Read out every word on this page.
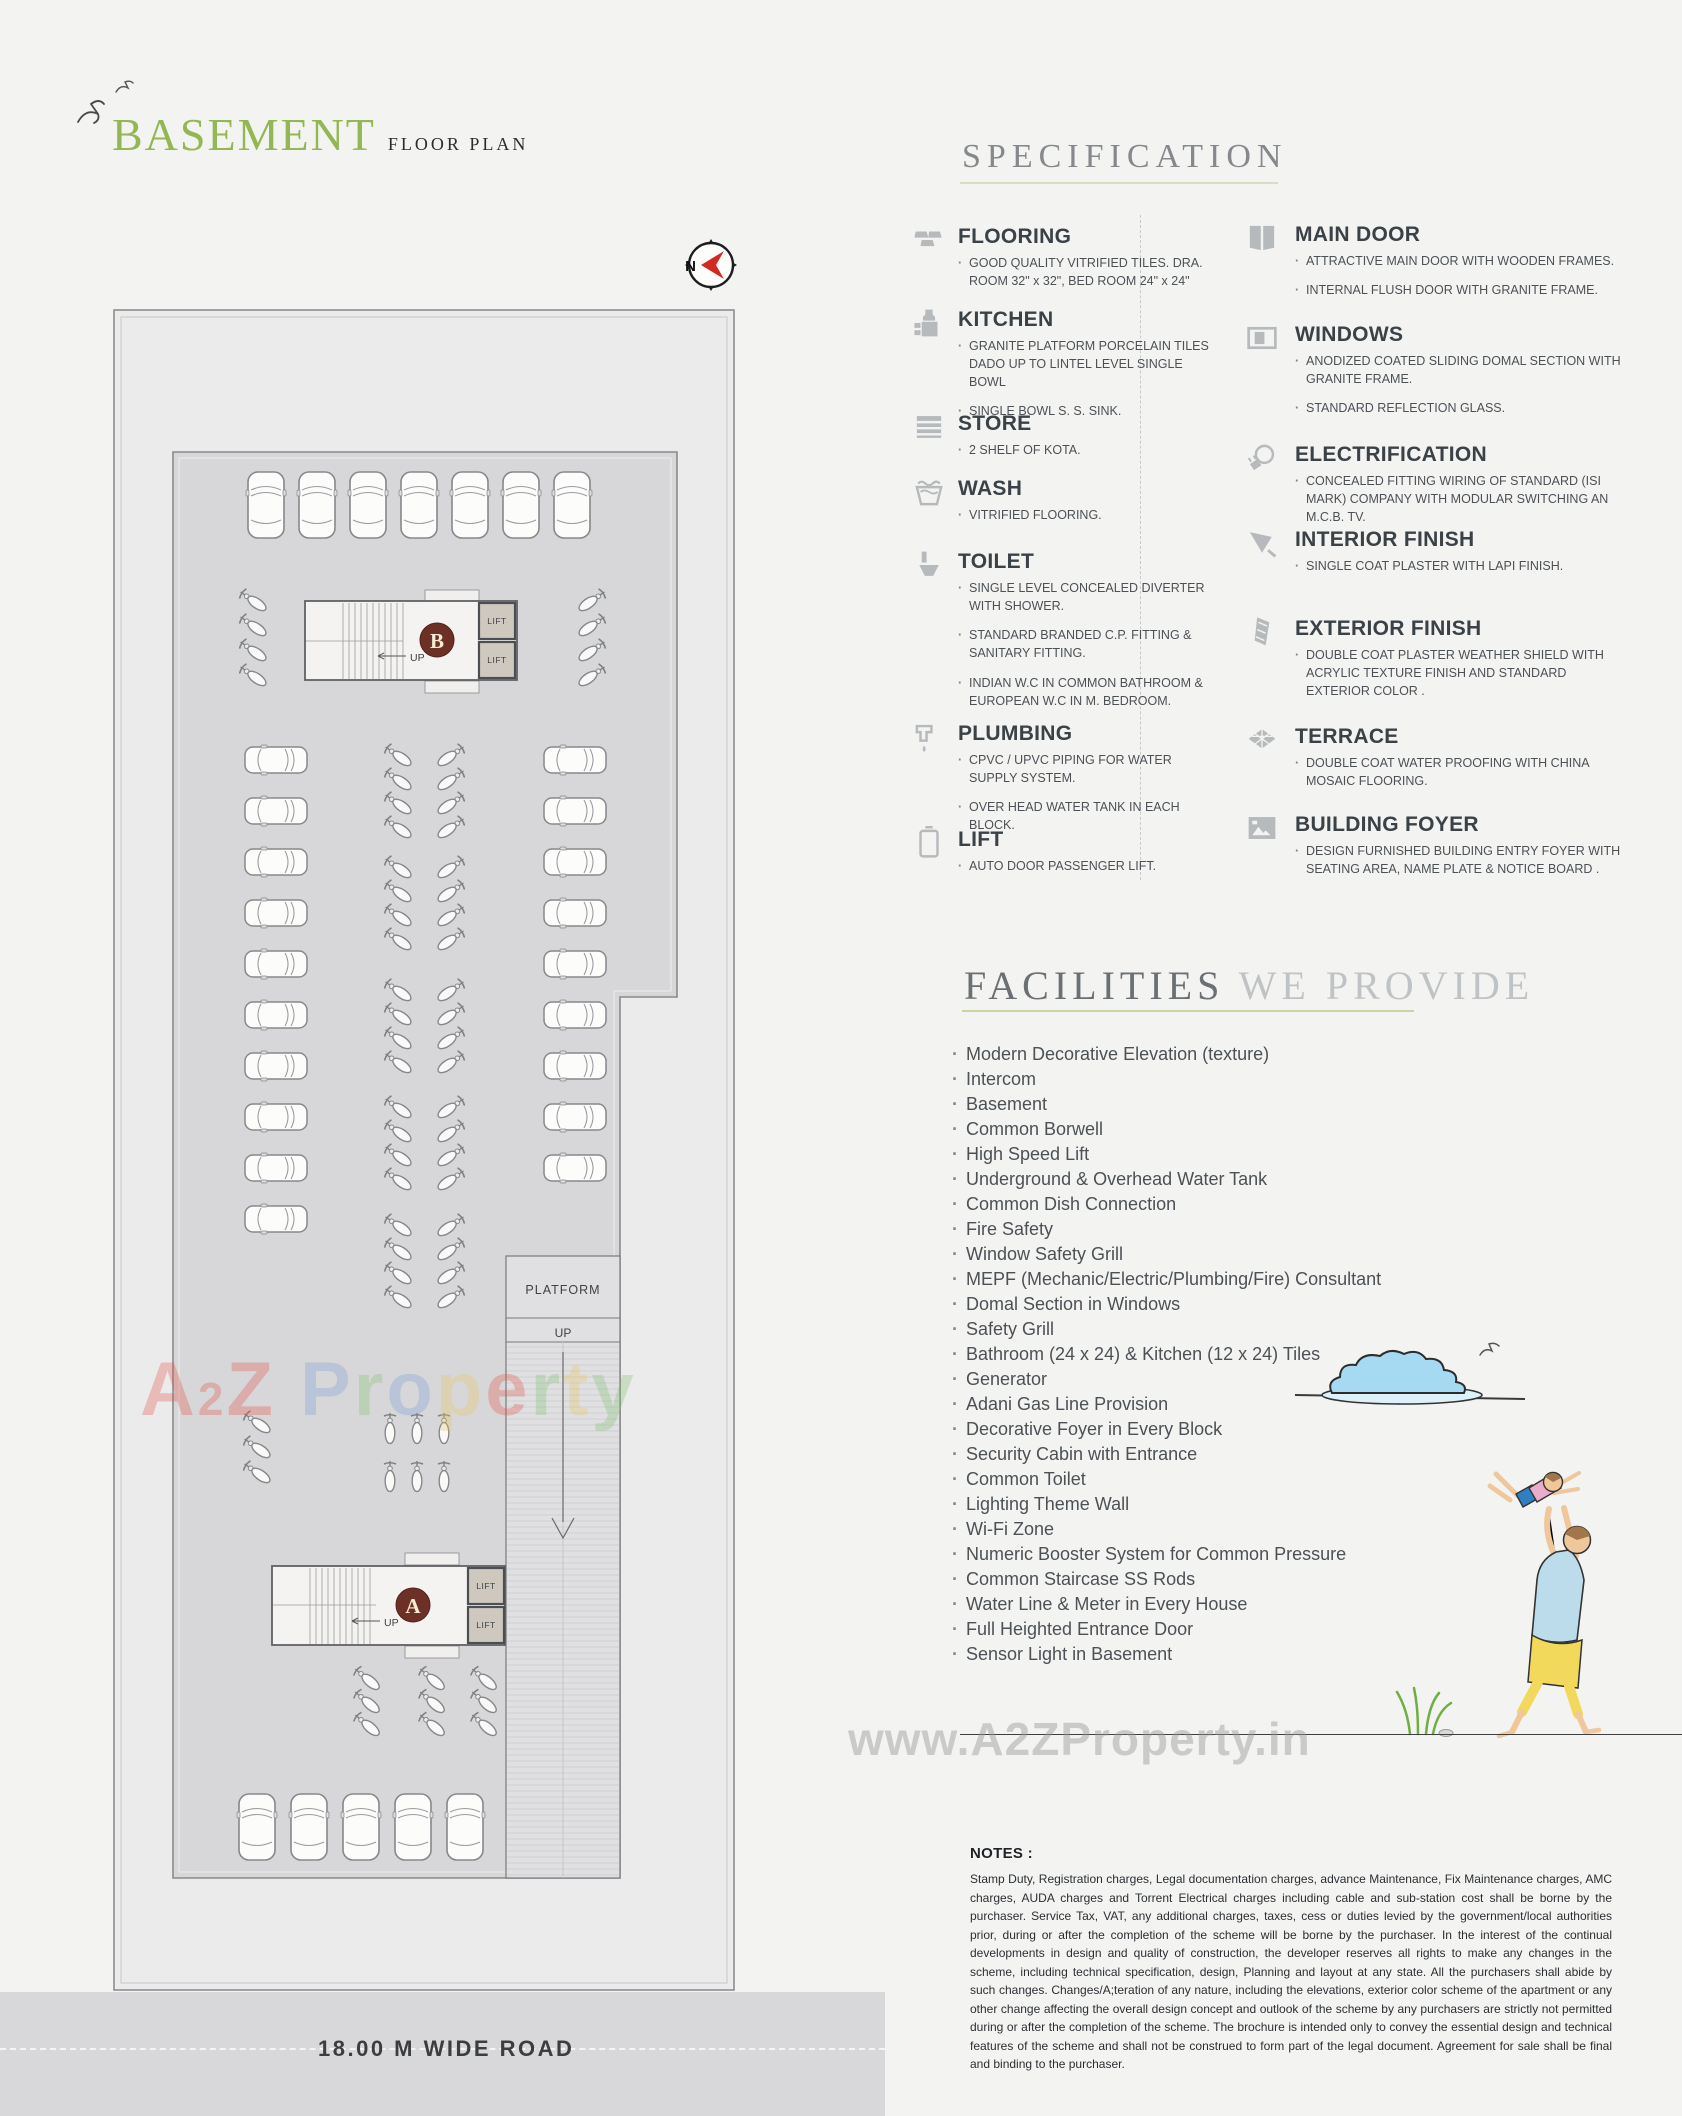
BASEMENT FLOOR PLAN
PLATFORM
UP
UP
B
LIFT
LIFT
UP
A
LIFT
LIFT
N
A2Z Property
18.00 M WIDE ROAD
SPECIFICATION
FLOORING

· GOOD QUALITY VITRIFIED TILES. DRA. ROOM 32" x 32", BED ROOM 24" x 24"

KITCHEN

· GRANITE PLATFORM PORCELAIN TILES DADO UP TO LINTEL LEVEL SINGLE BOWL

· SINGLE BOWL S. S. SINK.

STORE

· 2 SHELF OF KOTA.

WASH

· VITRIFIED FLOORING.

TOILET

· SINGLE LEVEL CONCEALED DIVERTER WITH SHOWER.

· STANDARD BRANDED C.P. FITTING & SANITARY FITTING.

· INDIAN W.C IN COMMON BATHROOM & EUROPEAN W.C IN M. BEDROOM.

PLUMBING

· CPVC / UPVC PIPING FOR WATER SUPPLY SYSTEM.

· OVER HEAD WATER TANK IN EACH BLOCK.

LIFT

· AUTO DOOR PASSENGER LIFT.

MAIN DOOR

· ATTRACTIVE MAIN DOOR WITH WOODEN FRAMES.

· INTERNAL FLUSH DOOR WITH GRANITE FRAME.

WINDOWS

· ANODIZED COATED SLIDING DOMAL SECTION WITH GRANITE FRAME.

· STANDARD REFLECTION GLASS.

ELECTRIFICATION

· CONCEALED FITTING WIRING OF STANDARD (ISI MARK) COMPANY WITH MODULAR SWITCHING AN M.C.B. TV.

INTERIOR FINISH

· SINGLE COAT PLASTER WITH LAPI FINISH.

EXTERIOR FINISH

· DOUBLE COAT PLASTER WEATHER SHIELD WITH ACRYLIC TEXTURE FINISH AND STANDARD EXTERIOR COLOR .

TERRACE

· DOUBLE COAT WATER PROOFING WITH CHINA MOSAIC FLOORING.

BUILDING FOYER

· DESIGN FURNISHED BUILDING ENTRY FOYER WITH SEATING AREA, NAME PLATE & NOTICE BOARD .

FACILITIES WE PROVIDE
· Modern Decorative Elevation (texture)
· Intercom
· Basement
· Common Borwell
· High Speed Lift
· Underground & Overhead Water Tank
· Common Dish Connection
· Fire Safety
· Window Safety Grill
· MEPF (Mechanic/Electric/Plumbing/Fire) Consultant
· Domal Section in Windows
· Safety Grill
· Bathroom (24 x 24) & Kitchen (12 x 24) Tiles
· Generator
· Adani Gas Line Provision
· Decorative Foyer in Every Block
· Security Cabin with Entrance
· Common Toilet
· Lighting Theme Wall
· Wi-Fi Zone
· Numeric Booster System for Common Pressure
· Common Staircase SS Rods
· Water Line & Meter in Every House
· Full Heighted Entrance Door
· Sensor Light in Basement
www.A2ZProperty.in
NOTES :

Stamp Duty, Registration charges, Legal documentation charges, advance Maintenance, Fix Maintenance charges, AMC charges, AUDA charges and Torrent Electrical charges including cable and sub-station cost shall be borne by the purchaser. Service Tax, VAT, any additional charges, taxes, cess or duties levied by the government/local authorities prior, during or after the completion of the scheme will be borne by the purchaser. In the interest of the continual developments in design and quality of construction, the developer reserves all rights to make any changes in the scheme, including technical specification, design, Planning and layout at any state. All the purchasers shall abide by such changes. Changes/A;teration of any nature, including the elevations, exterior color scheme of the apartment or any other change affecting the overall design concept and outlook of the scheme by any purchasers are strictly not permitted during or after the completion of the scheme. The brochure is intended only to convey the essential design and technical features of the scheme and shall not be construed to form part of the legal document. Agreement for sale shall be final and binding to the purchaser.
